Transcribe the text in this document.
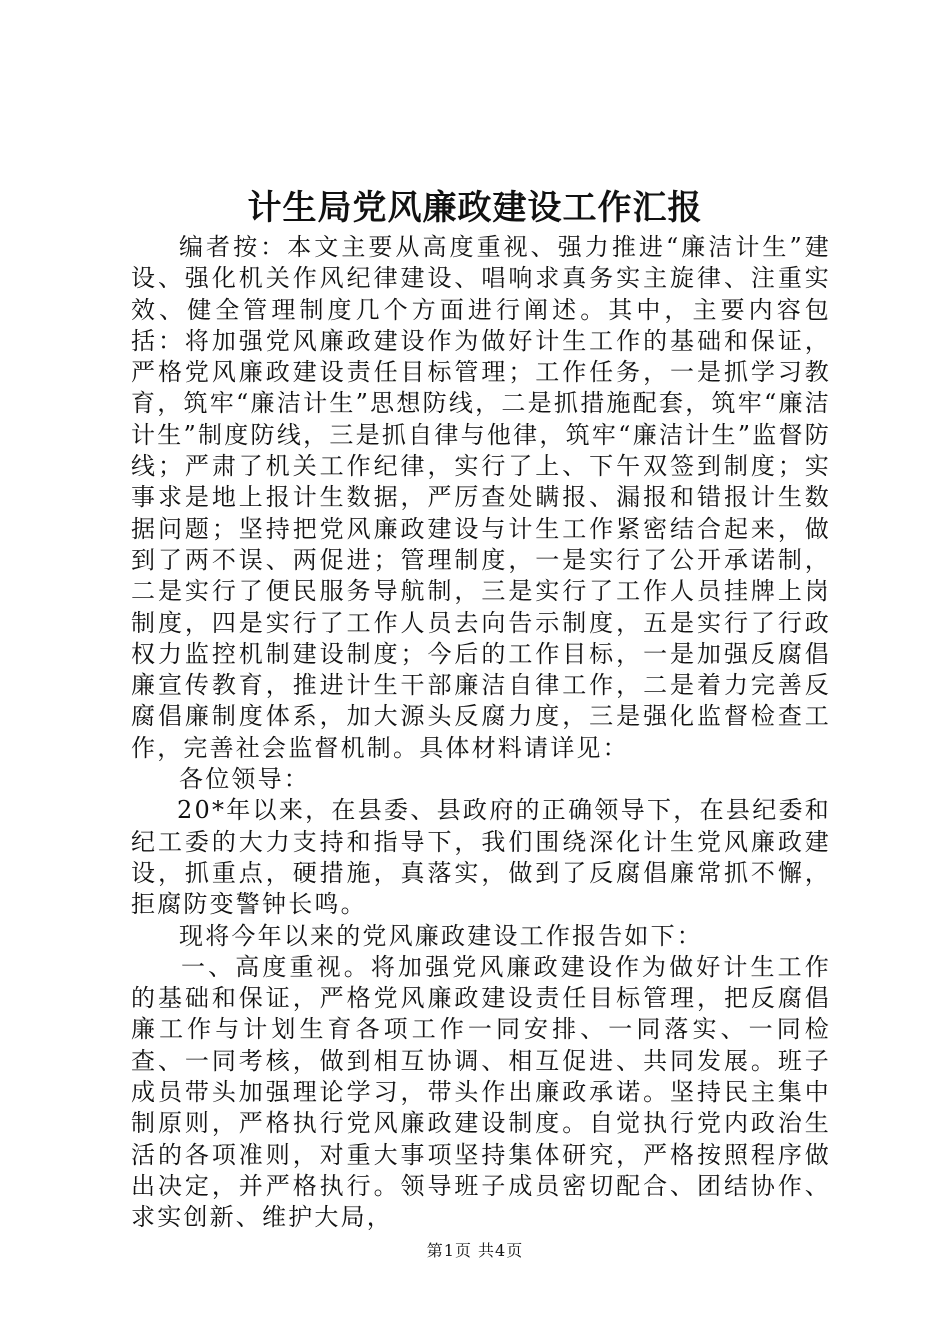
计生局党风廉政建设工作汇报

编者按：本文主要从高度重视、强力推进“廉洁计生”建设、强化机关作风纪律建设、唱响求真务实主旋律、注重实效、健全管理制度几个方面进行阐述。其中，主要内容包括：将加强党风廉政建设作为做好计生工作的基础和保证，严格党风廉政建设责任目标管理；工作任务，一是抓学习教育，筑牢“廉洁计生”思想防线，二是抓措施配套，筑牢“廉洁计生”制度防线，三是抓自律与他律，筑牢“廉洁计生”监督防线；严肃了机关工作纪律，实行了上、下午双签到制度；实事求是地上报计生数据，严厉查处瞒报、漏报和错报计生数据问题；坚持把党风廉政建设与计生工作紧密结合起来，做到了两不误、两促进；管理制度，一是实行了公开承诺制，二是实行了便民服务导航制，三是实行了工作人员挂牌上岗制度，四是实行了工作人员去向告示制度，五是实行了行政权力监控机制建设制度；今后的工作目标，一是加强反腐倡廉宣传教育，推进计生干部廉洁自律工作，二是着力完善反腐倡廉制度体系，加大源头反腐力度，三是强化监督检查工作，完善社会监督机制。具体材料请详见：

各位领导：

20*年以来，在县委、县政府的正确领导下，在县纪委和纪工委的大力支持和指导下，我们围绕深化计生党风廉政建设，抓重点，硬措施，真落实，做到了反腐倡廉常抓不懈，拒腐防变警钟长鸣。

现将今年以来的党风廉政建设工作报告如下：

一、高度重视。将加强党风廉政建设作为做好计生工作的基础和保证，严格党风廉政建设责任目标管理，把反腐倡廉工作与计划生育各项工作一同安排、一同落实、一同检查、一同考核，做到相互协调、相互促进、共同发展。班子成员带头加强理论学习，带头作出廉政承诺。坚持民主集中制原则，严格执行党风廉政建设制度。自觉执行党内政治生活的各项准则，对重大事项坚持集体研究，严格按照程序做出决定，并严格执行。领导班子成员密切配合、团结协作、求实创新、维护大局，

第1页 共4页
